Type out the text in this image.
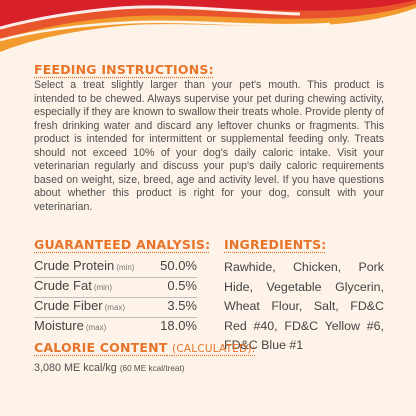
FEEDING INSTRUCTIONS:

Select a treat slightly larger than your pet's mouth. This product is intended to be chewed. Always supervise your pet during chewing activity, especially if they are known to swallow their treats whole. Provide plenty of fresh drinking water and discard any leftover chunks or fragments. This product is intended for intermittent or supplemental feeding only. Treats should not exceed 10% of your dog's daily caloric intake. Visit your veterinarian regularly and discuss your pup's daily caloric requirements based on weight, size, breed, age and activity level. If you have questions about whether this product is right for your dog, consult with your veterinarian.

GUARANTEED ANALYSIS:
Crude Protein (min) 50.0%
Crude Fat (min)	0.5%
Crude Fiber (max)	3.5%
Moisture (max)	18.0%
INGREDIENTS:

Rawhide, Chicken, Pork Hide, Vegetable Glycerin, Wheat Flour, Salt, FD&C Red #40, FD&C Yellow #6, FD&C Blue #1

CALORIE CONTENT (CALCULATED):
3,080 ME kcal/kg (60 ME kcal/treat)
